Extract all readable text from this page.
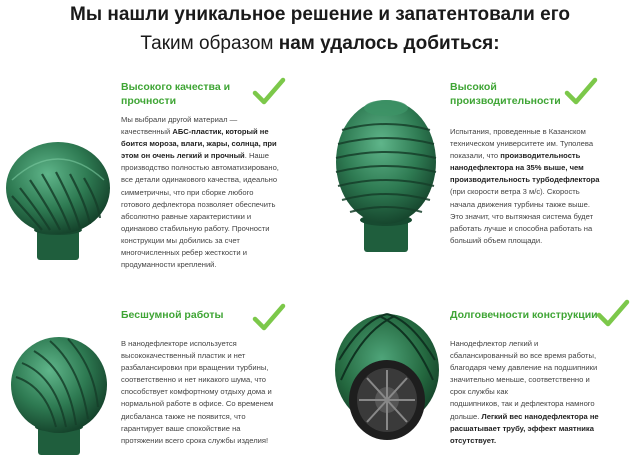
Мы нашли уникальное решение и запатентовали его
Таким образом нам удалось добиться:
Высокого качества и
прочности
Мы выбрали другой материал —
качественный АБС-пластик, который не
боится мороза, влаги, жары, солнца, при
этом он очень легкий и прочный. Наше
производство полностью автоматизировано,
все детали одинакового качества, идеально
симметричны, что при сборке любого
готового дефлектора позволяет обеспечить
абсолютно равные характеристики и
одинаково стабильную работу. Прочности
конструкции мы добились за счет
многочисленных ребер жесткости и
продуманности креплений.
Высокой
производительности
Испытания, проведенные в Казанском
техническом университете им. Туполева
показали, что производительность
нанодефлектора на 35% выше, чем
производительность турбодефлектора
(при скорости ветра 3 м/с). Скорость
начала движения турбины также выше.
Это значит, что вытяжная система будет
работать лучше и способна работать на
больший объем площади.
Бесшумной работы
В нанодефлекторе используется
высококачественный пластик и нет
разбалансировки при вращении турбины,
соответственно и нет никакого шума, что
способствует комфортному отдыху дома и
нормальной работе в офисе. Со временем
дисбаланса также не появится, что
гарантирует ваше спокойствие на
протяжении всего срока службы изделия!
Долговечности конструкции
Нанодефлектор легкий и
сбалансированный во все время работы,
благодаря чему давление на подшипники
значительно меньше, соответственно и
срок службы как
подшипников, так и дефлектора намного
дольше. Легкий вес нанодефлектора не
расшатывает трубу, эффект маятника
отсутствует.
